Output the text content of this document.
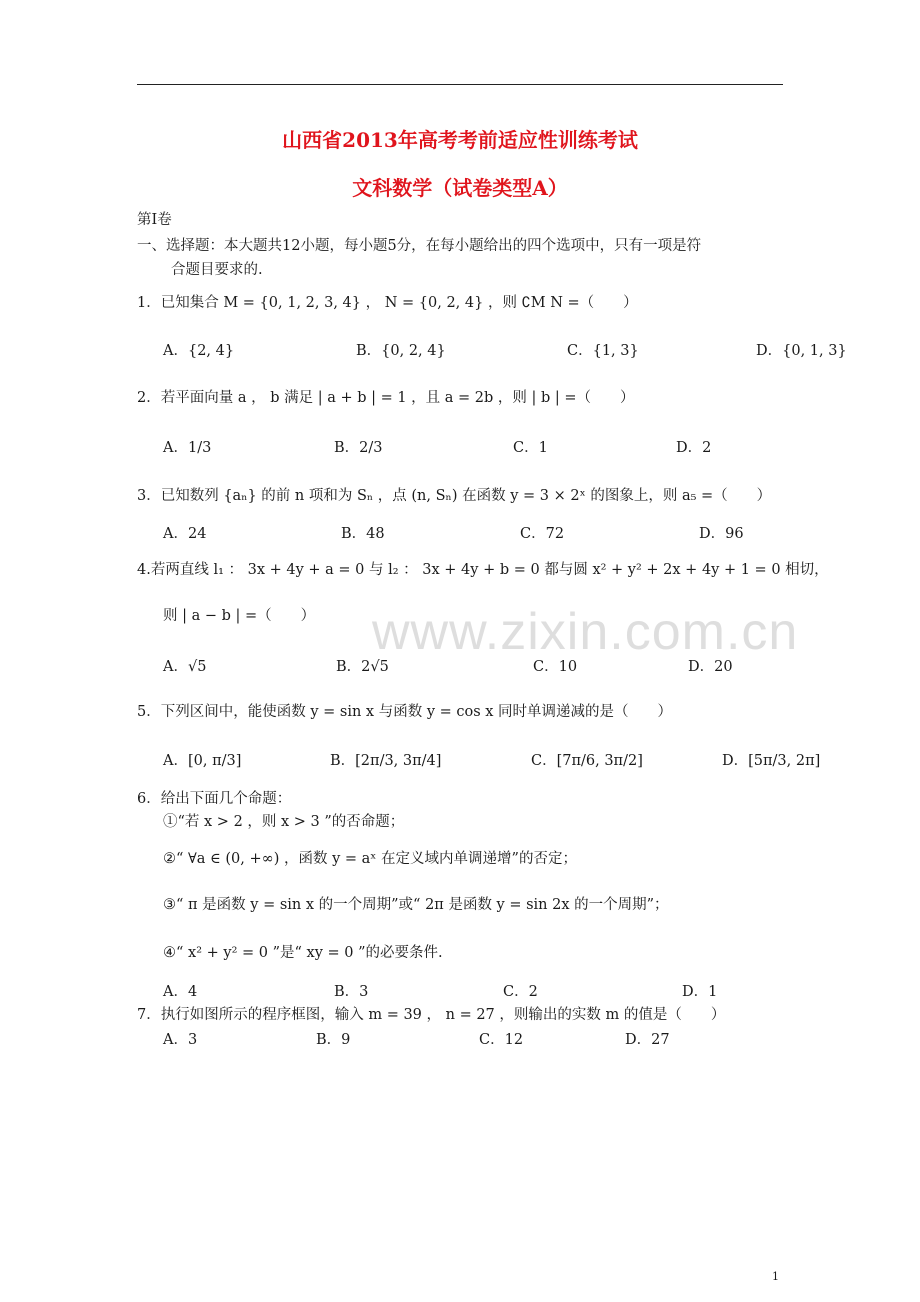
山西省2013年高考考前适应性训练考试
文科数学（试卷类型A）
第Ⅰ卷
一、选择题：本大题共12小题，每小题5分，在每小题给出的四个选项中，只有一项是符
合题目要求的.
1．已知集合 M = {0, 1, 2, 3, 4} ， N = {0, 2, 4} ，则 ∁M N =（　　）
A．{2, 4}	B．{0, 2, 4}	C．{1, 3}	D．{0, 1, 3}
2．若平面向量 a ， b 满足 | a + b | = 1 ，且 a = 2b ，则 | b | =（　　）
A．1/3	B．2/3	C．1	D．2
3．已知数列 {aₙ} 的前 n 项和为 Sₙ ，点 (n, Sₙ) 在函数 y = 3 × 2ˣ 的图象上，则 a₅ =（　　）
A．24	B．48	C．72	D．96
4.若两直线 l₁ ： 3x + 4y + a = 0 与 l₂ ： 3x + 4y + b = 0 都与圆 x² + y² + 2x + 4y + 1 = 0 相切，
则 | a − b | =（　　）
A．√5	B．2√5	C．10	D．20
5．下列区间中，能使函数 y = sin x 与函数 y = cos x 同时单调递减的是（　　）
A．[0, π/3]	B．[2π/3, 3π/4]	C．[7π/6, 3π/2]	D．[5π/3, 2π]
6．给出下面几个命题：
①“若 x > 2 ，则 x > 3 ”的否命题；
②“ ∀a ∈ (0, +∞) ，函数 y = aˣ 在定义域内单调递增”的否定；
③“ π 是函数 y = sin x 的一个周期”或“ 2π 是函数 y = sin 2x 的一个周期”；
④“ x² + y² = 0 ”是“ xy = 0 ”的必要条件.
A．4	B．3	C．2	D．1
7．执行如图所示的程序框图，输入 m = 39 ， n = 27 ，则输出的实数 m 的值是（　　）
A．3	B．9	C．12	D．27
www.zixin.com.cn
1
